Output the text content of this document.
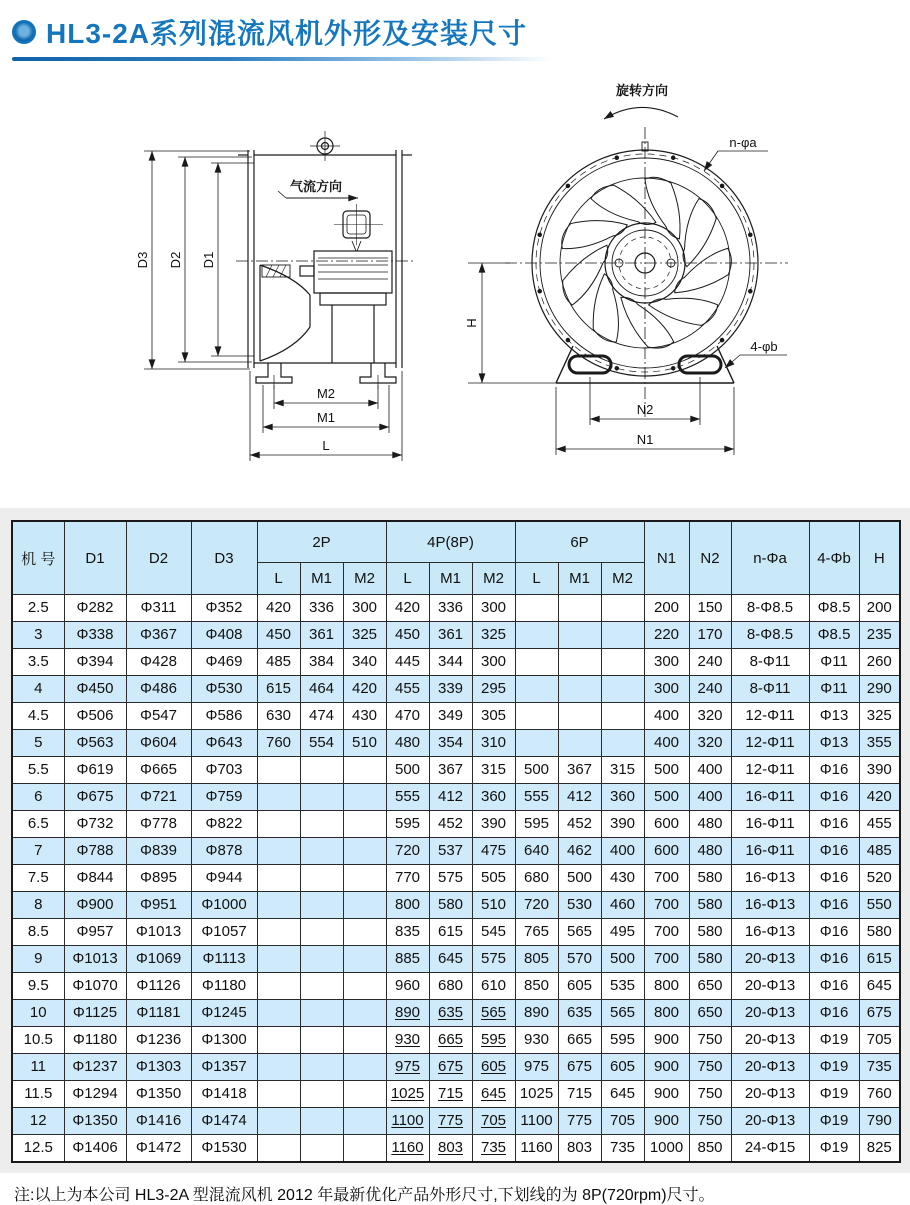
HL3-2A系列混流风机外形及安装尺寸
D3 D2 D1
气流方向
M2
M1
L
旋转方向
n-φa
4-φb
H
N2
N1
机 号	D1	D2	D3	2P			4P(8P)			6P			N1	N2	n-Φa	4-Φb	H
				L	M1	M2	L	M1	M2	L	M1	M2					
2.5	Φ282	Φ311	Φ352	420	336	300	420	336	300				200	150	8-Φ8.5	Φ8.5	200
3	Φ338	Φ367	Φ408	450	361	325	450	361	325				220	170	8-Φ8.5	Φ8.5	235
3.5	Φ394	Φ428	Φ469	485	384	340	445	344	300				300	240	8-Φ11	Φ11	260
4	Φ450	Φ486	Φ530	615	464	420	455	339	295				300	240	8-Φ11	Φ11	290
4.5	Φ506	Φ547	Φ586	630	474	430	470	349	305				400	320	12-Φ11	Φ13	325
5	Φ563	Φ604	Φ643	760	554	510	480	354	310				400	320	12-Φ11	Φ13	355
5.5	Φ619	Φ665	Φ703				500	367	315	500	367	315	500	400	12-Φ11	Φ16	390
6	Φ675	Φ721	Φ759				555	412	360	555	412	360	500	400	16-Φ11	Φ16	420
6.5	Φ732	Φ778	Φ822				595	452	390	595	452	390	600	480	16-Φ11	Φ16	455
7	Φ788	Φ839	Φ878				720	537	475	640	462	400	600	480	16-Φ11	Φ16	485
7.5	Φ844	Φ895	Φ944				770	575	505	680	500	430	700	580	16-Φ13	Φ16	520
8	Φ900	Φ951	Φ1000				800	580	510	720	530	460	700	580	16-Φ13	Φ16	550
8.5	Φ957	Φ1013	Φ1057				835	615	545	765	565	495	700	580	16-Φ13	Φ16	580
9	Φ1013	Φ1069	Φ1113				885	645	575	805	570	500	700	580	20-Φ13	Φ16	615
9.5	Φ1070	Φ1126	Φ1180				960	680	610	850	605	535	800	650	20-Φ13	Φ16	645
10	Φ1125	Φ1181	Φ1245				890	635	565	890	635	565	800	650	20-Φ13	Φ16	675
10.5	Φ1180	Φ1236	Φ1300				930	665	595	930	665	595	900	750	20-Φ13	Φ19	705
11	Φ1237	Φ1303	Φ1357				975	675	605	975	675	605	900	750	20-Φ13	Φ19	735
11.5	Φ1294	Φ1350	Φ1418				1025	715	645	1025	715	645	900	750	20-Φ13	Φ19	760
12	Φ1350	Φ1416	Φ1474				1100	775	705	1100	775	705	900	750	20-Φ13	Φ19	790
12.5	Φ1406	Φ1472	Φ1530				1160	803	735	1160	803	735	1000	850	24-Φ15	Φ19	825
注:以上为本公司 HL3-2A 型混流风机 2012 年最新优化产品外形尺寸,下划线的为 8P(720rpm)尺寸。
